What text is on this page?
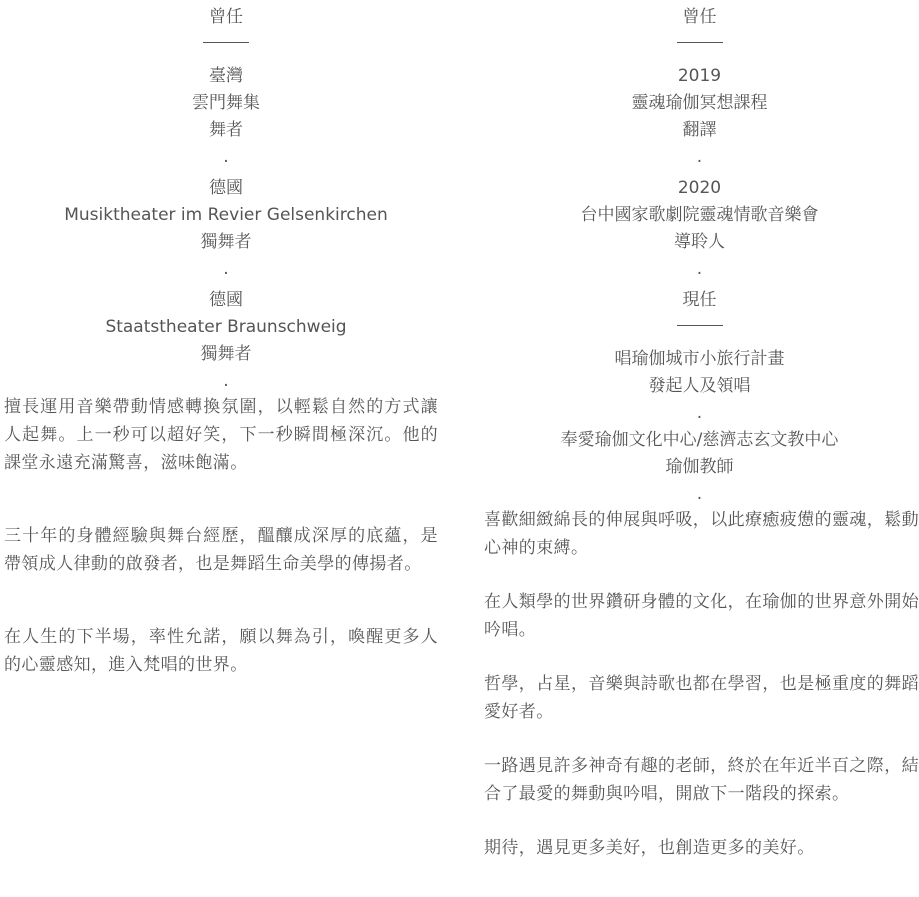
曾任
臺灣
雲門舞集
舞者
.
德國
Musiktheater im Revier Gelsenkirchen
獨舞者
.
德國
Staatstheater Braunschweig
獨舞者
.

擅長運用音樂帶動情感轉換氛圍，以輕鬆自然的方式讓人起舞。上一秒可以超好笑，下一秒瞬間極深沉。他的課堂永遠充滿驚喜，滋味飽滿。

三十年的身體經驗與舞台經歷，醞釀成深厚的底蘊，是帶領成人律動的啟發者，也是舞蹈生命美學的傳揚者。

在人生的下半場，率性允諾，願以舞為引，喚醒更多人的心靈感知，進入梵唱的世界。

曾任
2019
靈魂瑜伽冥想課程
翻譯
.
2020
台中國家歌劇院靈魂情歌音樂會
導聆人
.
現任
唱瑜伽城市小旅行計畫
發起人及領唱
.
奉愛瑜伽文化中心/慈濟志玄文教中心
瑜伽教師
.

喜歡細緻綿長的伸展與呼吸，以此療癒疲憊的靈魂，鬆動心神的束縛。

在人類學的世界鑽研身體的文化，在瑜伽的世界意外開始吟唱。

哲學，占星，音樂與詩歌也都在學習，也是極重度的舞蹈愛好者。

一路遇見許多神奇有趣的老師，終於在年近半百之際，結合了最愛的舞動與吟唱，開啟下一階段的探索。

期待，遇見更多美好，也創造更多的美好。
